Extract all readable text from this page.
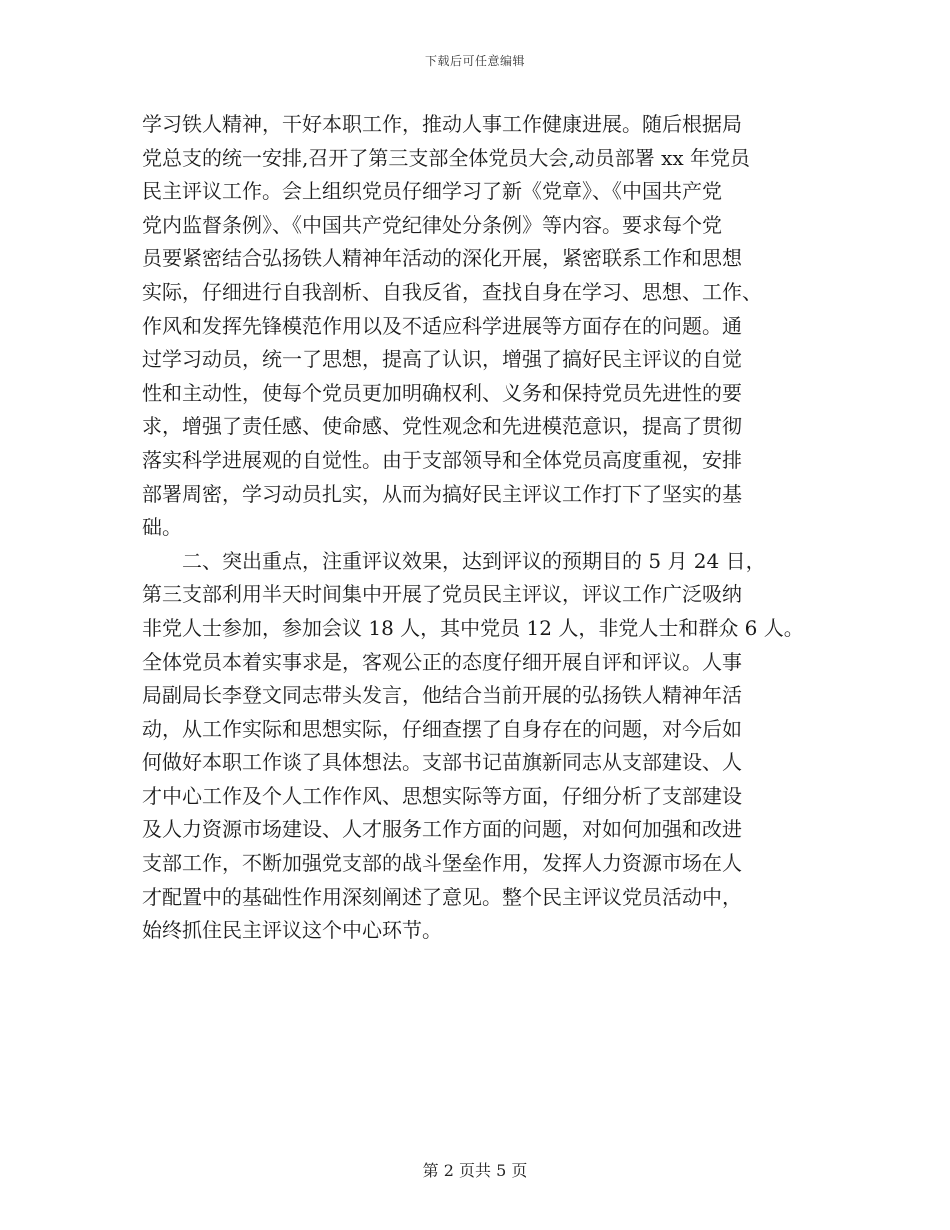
下载后可任意编辑
学习铁人精神，干好本职工作，推动人事工作健康进展。随后根据局
党总支的统一安排,召开了第三支部全体党员大会,动员部署 xx 年党员
民主评议工作。会上组织党员仔细学习了新《党章》、《中国共产党
党内监督条例》、《中国共产党纪律处分条例》等内容。要求每个党
员要紧密结合弘扬铁人精神年活动的深化开展，紧密联系工作和思想
实际，仔细进行自我剖析、自我反省，查找自身在学习、思想、工作、
作风和发挥先锋模范作用以及不适应科学进展等方面存在的问题。通
过学习动员，统一了思想，提高了认识，增强了搞好民主评议的自觉
性和主动性，使每个党员更加明确权利、义务和保持党员先进性的要
求，增强了责任感、使命感、党性观念和先进模范意识，提高了贯彻
落实科学进展观的自觉性。由于支部领导和全体党员高度重视，安排
部署周密，学习动员扎实，从而为搞好民主评议工作打下了坚实的基
础。
二、突出重点，注重评议效果，达到评议的预期目的 5 月 24 日，
第三支部利用半天时间集中开展了党员民主评议，评议工作广泛吸纳
非党人士参加，参加会议 18 人，其中党员 12 人，非党人士和群众 6 人。
全体党员本着实事求是，客观公正的态度仔细开展自评和评议。人事
局副局长李登文同志带头发言，他结合当前开展的弘扬铁人精神年活
动，从工作实际和思想实际，仔细查摆了自身存在的问题，对今后如
何做好本职工作谈了具体想法。支部书记苗旗新同志从支部建设、人
才中心工作及个人工作作风、思想实际等方面，仔细分析了支部建设
及人力资源市场建设、人才服务工作方面的问题，对如何加强和改进
支部工作，不断加强党支部的战斗堡垒作用，发挥人力资源市场在人
才配置中的基础性作用深刻阐述了意见。整个民主评议党员活动中，
始终抓住民主评议这个中心环节。
第 2 页共 5 页
